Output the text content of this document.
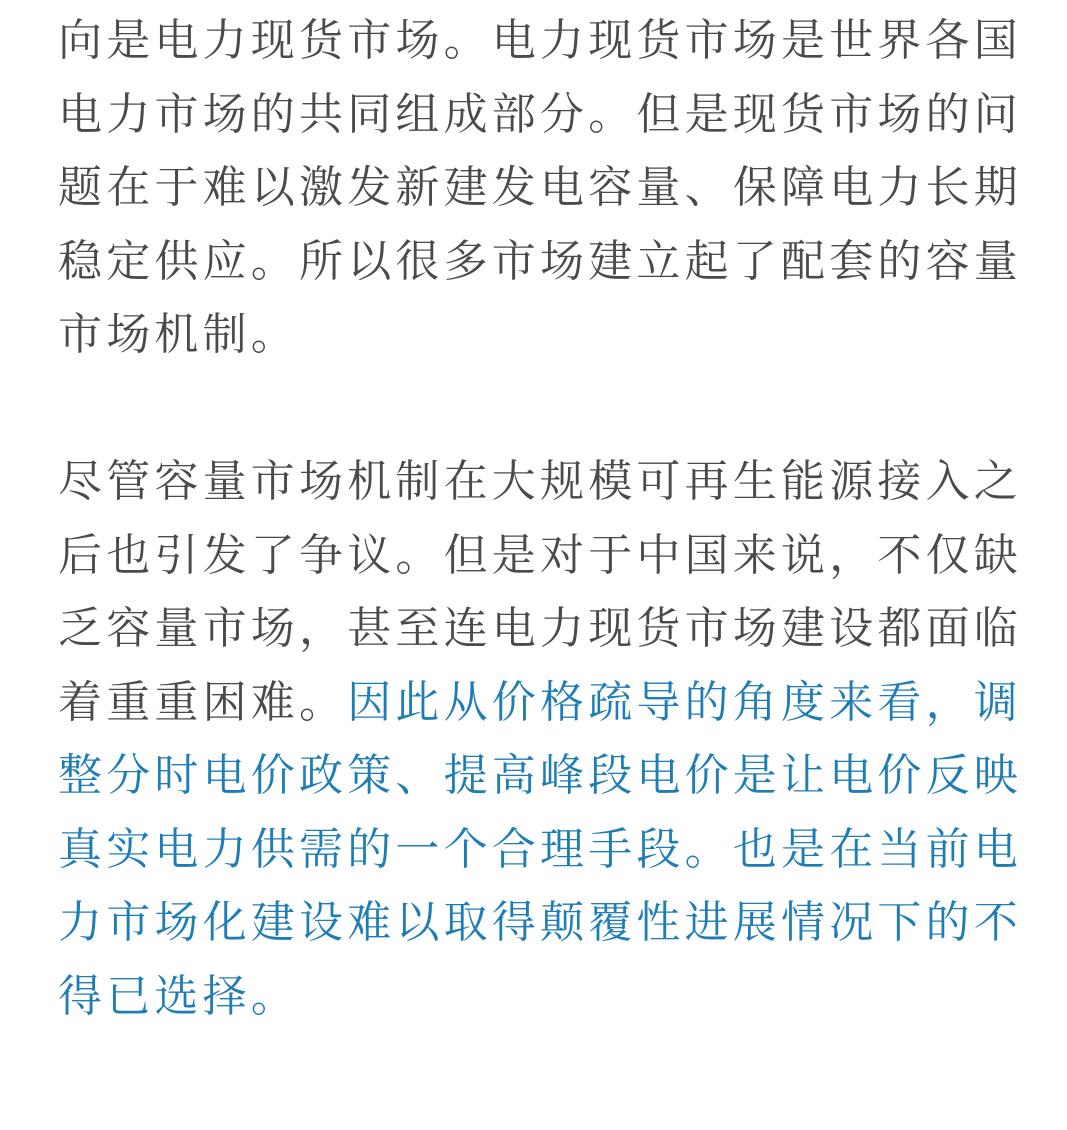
向是电力现货市场。电力现货市场是世界各国
电力市场的共同组成部分。但是现货市场的问
题在于难以激发新建发电容量、保障电力长期
稳定供应。所以很多市场建立起了配套的容量
市场机制。

尽管容量市场机制在大规模可再生能源接入之
后也引发了争议。但是对于中国来说，不仅缺
乏容量市场，甚至连电力现货市场建设都面临
着重重困难。因此从价格疏导的角度来看，调
整分时电价政策、提高峰段电价是让电价反映
真实电力供需的一个合理手段。也是在当前电
力市场化建设难以取得颠覆性进展情况下的不
得已选择。
